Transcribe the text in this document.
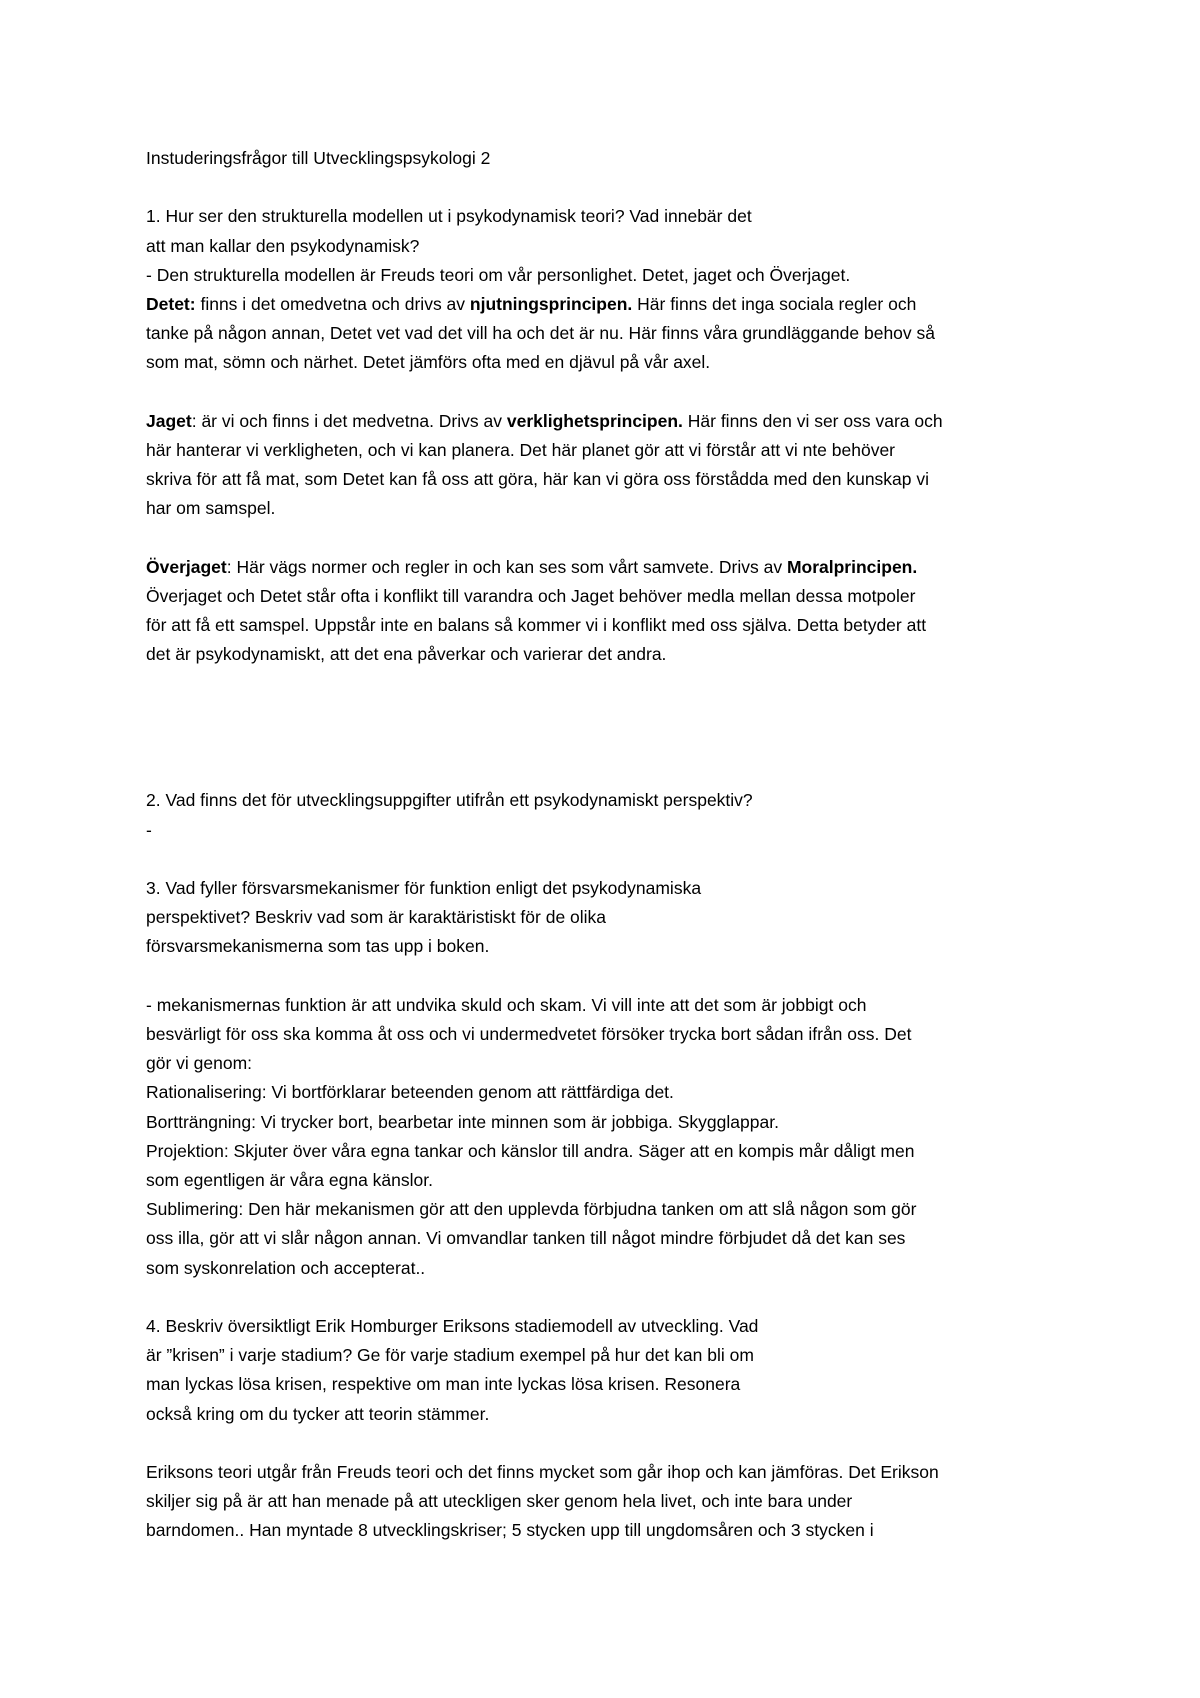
Instuderingsfrågor till Utvecklingspsykologi 2
1. Hur ser den strukturella modellen ut i psykodynamisk teori? Vad innebär det
att man kallar den psykodynamisk?
- Den strukturella modellen är Freuds teori om vår personlighet. Detet, jaget och Överjaget.
Detet: finns i det omedvetna och drivs av njutningsprincipen. Här finns det inga sociala regler och
tanke på någon annan, Detet vet vad det vill ha och det är nu. Här finns våra grundläggande behov så
som mat, sömn och närhet. Detet jämförs ofta med en djävul på vår axel.
Jaget: är vi och finns i det medvetna. Drivs av verklighetsprincipen. Här finns den vi ser oss vara och
här hanterar vi verkligheten, och vi kan planera. Det här planet gör att vi förstår att vi nte behöver
skriva för att få mat, som Detet kan få oss att göra, här kan vi göra oss förstådda med den kunskap vi
har om samspel.
Överjaget: Här vägs normer och regler in och kan ses som vårt samvete. Drivs av Moralprincipen.
Överjaget och Detet står ofta i konflikt till varandra och Jaget behöver medla mellan dessa motpoler
för att få ett samspel. Uppstår inte en balans så kommer vi i konflikt med oss själva. Detta betyder att
det är psykodynamiskt, att det ena påverkar och varierar det andra.
2. Vad finns det för utvecklingsuppgifter utifrån ett psykodynamiskt perspektiv?
-
3. Vad fyller försvarsmekanismer för funktion enligt det psykodynamiska
perspektivet? Beskriv vad som är karaktäristiskt för de olika
försvarsmekanismerna som tas upp i boken.
- mekanismernas funktion är att undvika skuld och skam. Vi vill inte att det som är jobbigt och
besvärligt för oss ska komma åt oss och vi undermedvetet försöker trycka bort sådan ifrån oss. Det
gör vi genom:
Rationalisering: Vi bortförklarar beteenden genom att rättfärdiga det.
Bortträngning: Vi trycker bort, bearbetar inte minnen som är jobbiga. Skygglappar.
Projektion: Skjuter över våra egna tankar och känslor till andra. Säger att en kompis mår dåligt men
som egentligen är våra egna känslor.
Sublimering: Den här mekanismen gör att den upplevda förbjudna tanken om att slå någon som gör
oss illa, gör att vi slår någon annan. Vi omvandlar tanken till något mindre förbjudet då det kan ses
som syskonrelation och accepterat..
4. Beskriv översiktligt Erik Homburger Eriksons stadiemodell av utveckling. Vad
är ”krisen” i varje stadium? Ge för varje stadium exempel på hur det kan bli om
man lyckas lösa krisen, respektive om man inte lyckas lösa krisen. Resonera
också kring om du tycker att teorin stämmer.
Eriksons teori utgår från Freuds teori och det finns mycket som går ihop och kan jämföras. Det Erikson
skiljer sig på är att han menade på att uteckligen sker genom hela livet, och inte bara under
barndomen.. Han myntade 8 utvecklingskriser; 5 stycken upp till ungdomsåren och 3 stycken i
